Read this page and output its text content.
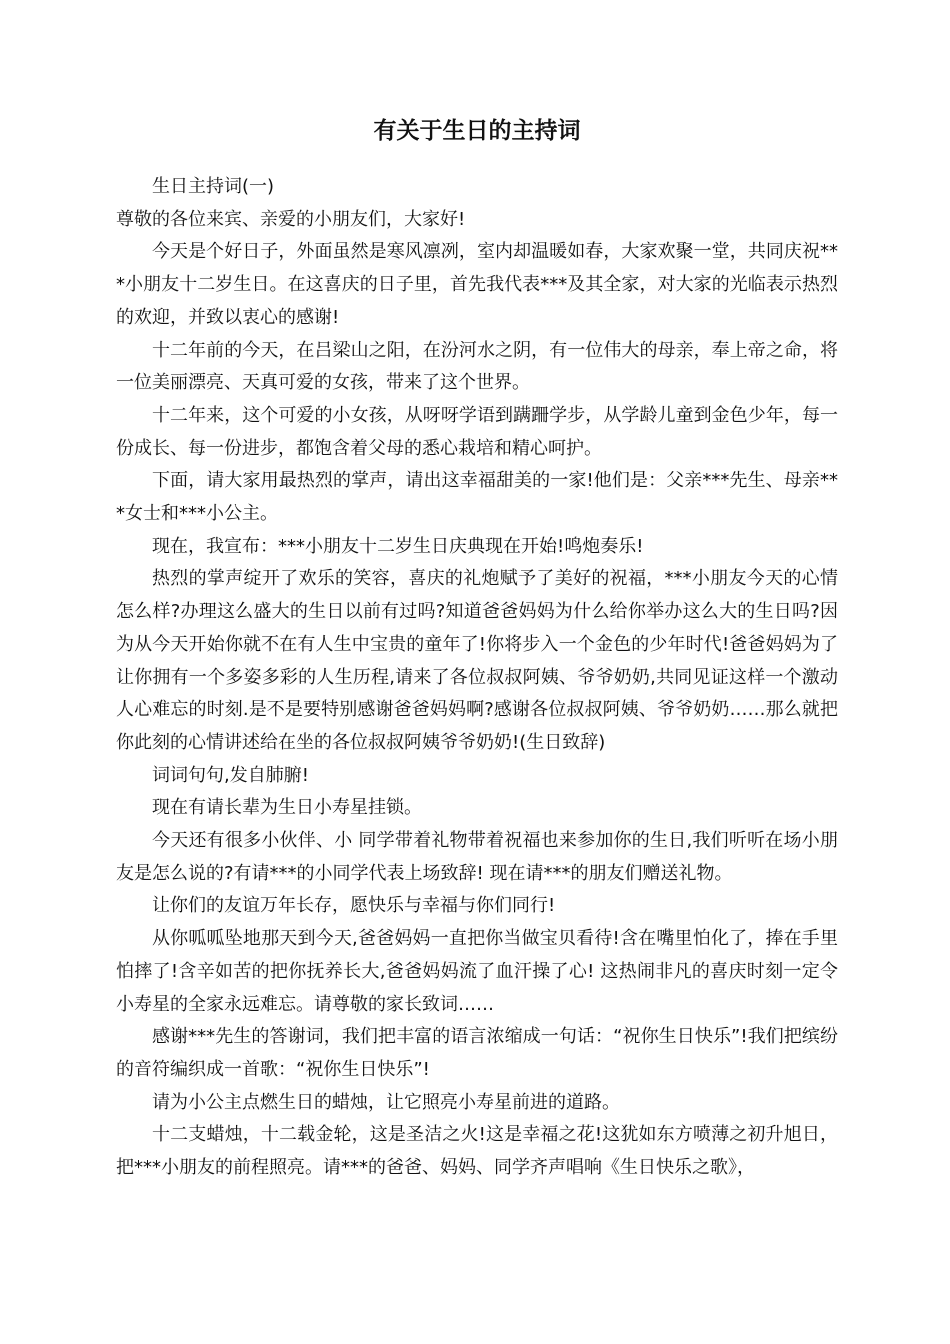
有关于生日的主持词

生日主持词(一)

尊敬的各位来宾、亲爱的小朋友们，大家好!

今天是个好日子，外面虽然是寒风凛冽，室内却温暖如春，大家欢聚一堂，共同庆祝***小朋友十二岁生日。在这喜庆的日子里，首先我代表***及其全家，对大家的光临表示热烈的欢迎，并致以衷心的感谢!

十二年前的今天，在吕梁山之阳，在汾河水之阴，有一位伟大的母亲，奉上帝之命，将一位美丽漂亮、天真可爱的女孩，带来了这个世界。

十二年来，这个可爱的小女孩，从呀呀学语到蹒跚学步，从学龄儿童到金色少年，每一份成长、每一份进步，都饱含着父母的悉心栽培和精心呵护。

下面，请大家用最热烈的掌声，请出这幸福甜美的一家!他们是：父亲***先生、母亲***女士和***小公主。

现在，我宣布：***小朋友十二岁生日庆典现在开始!鸣炮奏乐!

热烈的掌声绽开了欢乐的笑容，喜庆的礼炮赋予了美好的祝福，***小朋友今天的心情怎么样?办理这么盛大的生日以前有过吗?知道爸爸妈妈为什么给你举办这么大的生日吗?因为从今天开始你就不在有人生中宝贵的童年了!你将步入一个金色的少年时代!爸爸妈妈为了让你拥有一个多姿多彩的人生历程,请来了各位叔叔阿姨、爷爷奶奶,共同见证这样一个激动人心难忘的时刻.是不是要特别感谢爸爸妈妈啊?感谢各位叔叔阿姨、爷爷奶奶……那么就把你此刻的心情讲述给在坐的各位叔叔阿姨爷爷奶奶!(生日致辞)

词词句句,发自肺腑!

现在有请长辈为生日小寿星挂锁。

今天还有很多小伙伴、小 同学带着礼物带着祝福也来参加你的生日,我们听听在场小朋友是怎么说的?有请***的小同学代表上场致辞! 现在请***的朋友们赠送礼物。

让你们的友谊万年长存，愿快乐与幸福与你们同行!

从你呱呱坠地那天到今天,爸爸妈妈一直把你当做宝贝看待!含在嘴里怕化了，捧在手里怕摔了!含辛如苦的把你抚养长大,爸爸妈妈流了血汗操了心! 这热闹非凡的喜庆时刻一定令小寿星的全家永远难忘。请尊敬的家长致词……

感谢***先生的答谢词，我们把丰富的语言浓缩成一句话：“祝你生日快乐”!我们把缤纷的音符编织成一首歌：“祝你生日快乐”!

请为小公主点燃生日的蜡烛，让它照亮小寿星前进的道路。

十二支蜡烛，十二载金轮，这是圣洁之火!这是幸福之花!这犹如东方喷薄之初升旭日，把***小朋友的前程照亮。请***的爸爸、妈妈、同学齐声唱响《生日快乐之歌》，
